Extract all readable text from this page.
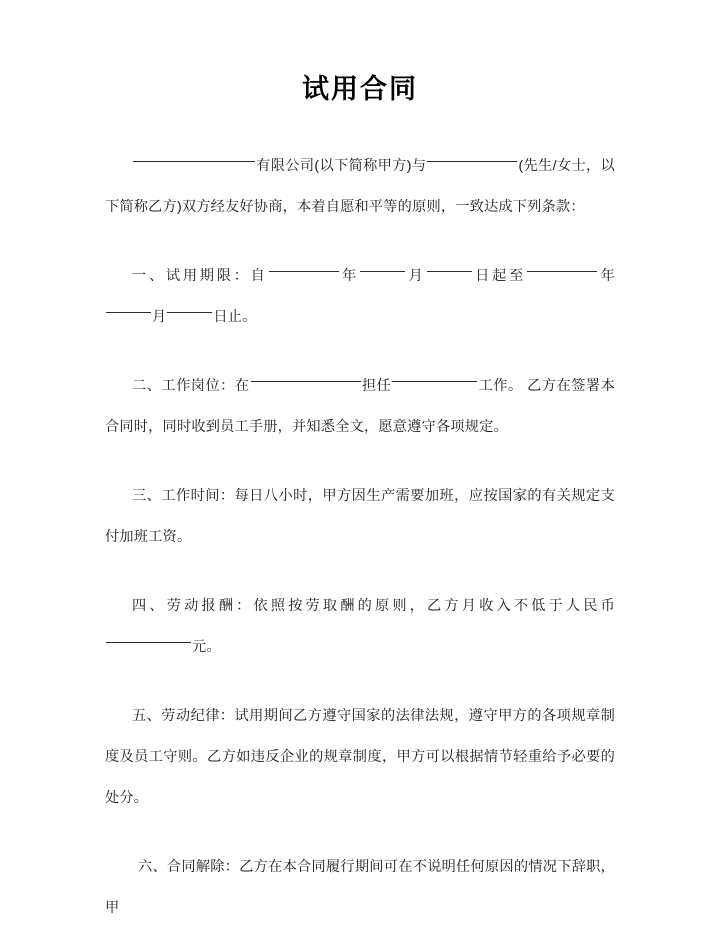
试用合同

有限公司(以下简称甲方)与	(先生/女士，以下简称乙方)双方经友好协商，本着自愿和平等的原则，一致达成下列条款：

一、试用期限：自	年	月	日起至	年 月	日止。

二、工作岗位：在	担任	工作。 乙方在签署本合同时，同时收到员工手册，并知悉全文，愿意遵守各项规定。

三、工作时间：每日八小时，甲方因生产需要加班，应按国家的有关规定支付加班工资。

四、劳动报酬：依照按劳取酬的原则，乙方月收入不低于人民币 元。

五、劳动纪律：试用期间乙方遵守国家的法律法规，遵守甲方的各项规章制度及员工守则。乙方如违反企业的规章制度，甲方可以根据情节轻重给予必要的处分。

六、合同解除：乙方在本合同履行期间可在不说明任何原因的情况下辞职，甲
